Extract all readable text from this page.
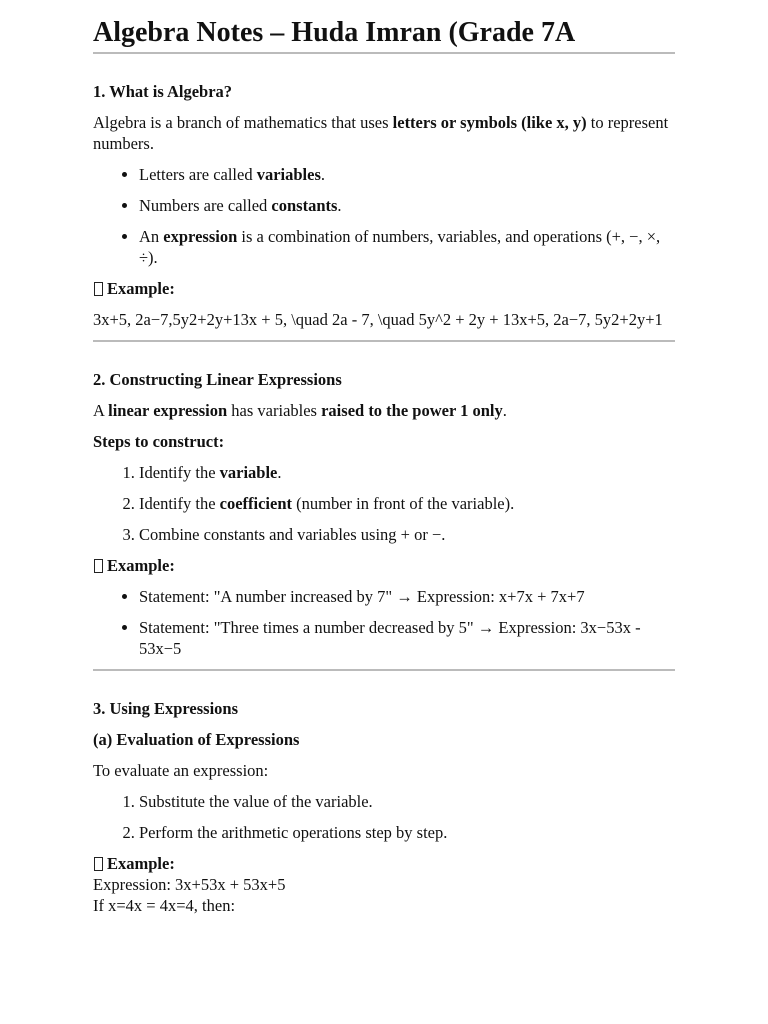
Algebra Notes – Huda Imran (Grade 7A
1. What is Algebra?

Algebra is a branch of mathematics that uses letters or symbols (like x, y) to represent numbers.

• Letters are called variables.
• Numbers are called constants.
• An expression is a combination of numbers, variables, and operations (+, −, ×, ÷).

Example:

3x+5, 2a−7,5y2+2y+13x + 5, \quad 2a - 7, \quad 5y^2 + 2y + 13x+5, 2a−7, 5y2+2y+1

2. Constructing Linear Expressions

A linear expression has variables raised to the power 1 only.

Steps to construct:

1. Identify the variable.
2. Identify the coefficient (number in front of the variable).
3. Combine constants and variables using + or −.

Example:

• Statement: "A number increased by 7" → Expression: x+7x + 7x+7
• Statement: "Three times a number decreased by 5" → Expression: 3x−53x - 53x−5
3. Using Expressions
(a) Evaluation of Expressions

To evaluate an expression:

1. Substitute the value of the variable.
2. Perform the arithmetic operations step by step.

Example:

Expression: 3x+53x + 53x+5

If x=4x = 4x=4, then:
